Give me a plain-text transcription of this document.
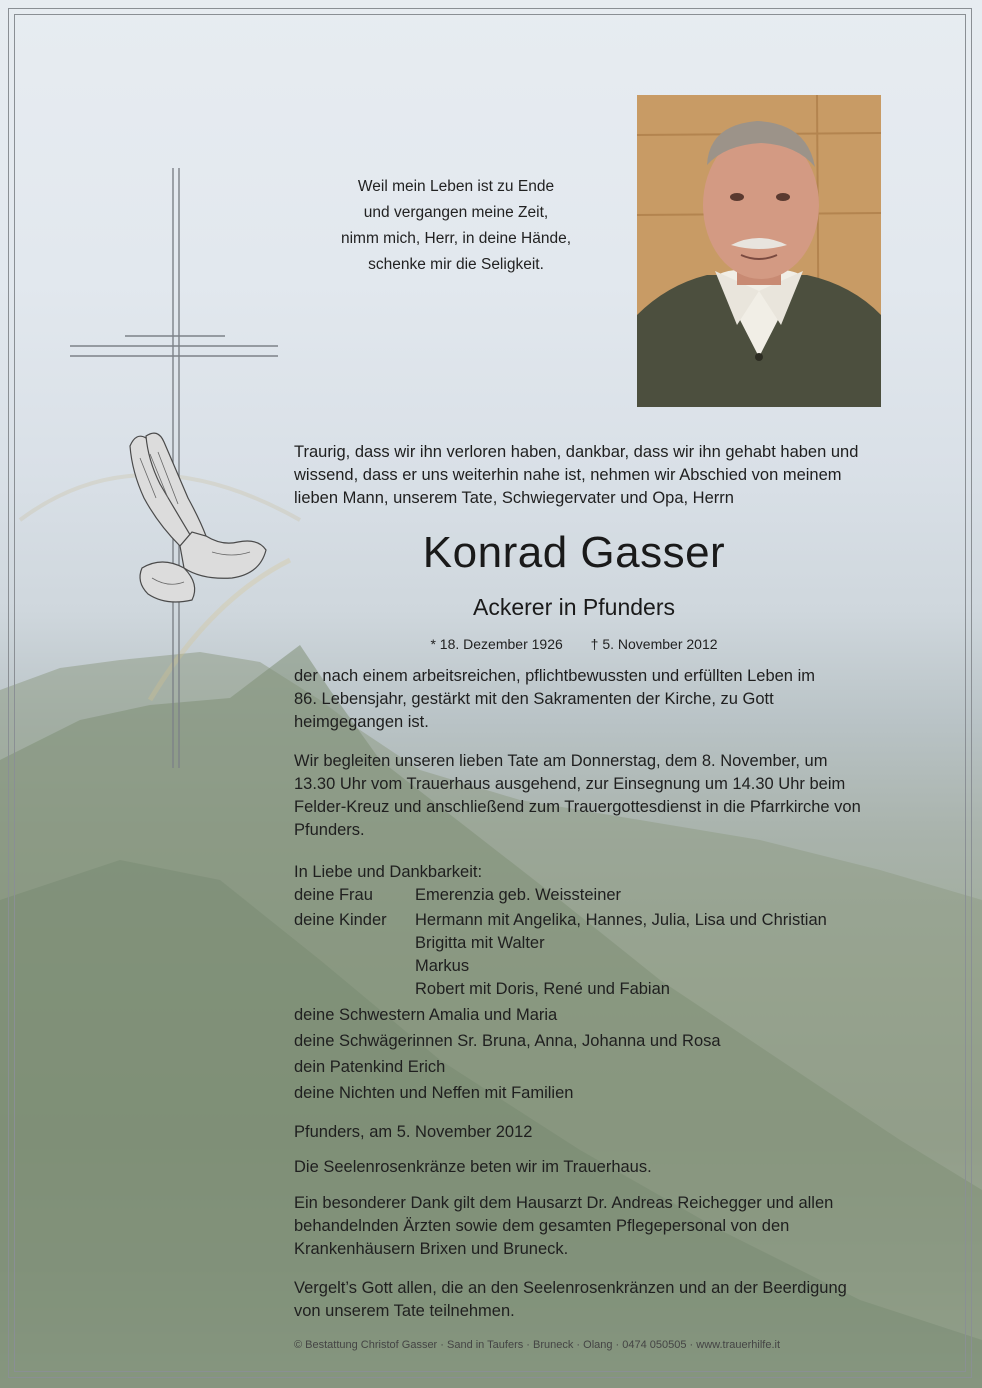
Weil mein Leben ist zu Ende
und vergangen meine Zeit,
nimm mich, Herr, in deine Hände,
schenke mir die Seligkeit.
Traurig, dass wir ihn verloren haben, dankbar, dass wir ihn gehabt haben und
wissend, dass er uns weiterhin nahe ist, nehmen wir Abschied von meinem
lieben Mann, unserem Tate, Schwiegervater und Opa, Herrn
Konrad Gasser
Ackerer in Pfunders
* 18. Dezember 1926 † 5. November 2012
der nach einem arbeitsreichen, pflichtbewussten und erfüllten Leben im
86. Lebensjahr, gestärkt mit den Sakramenten der Kirche, zu Gott
heimgegangen ist.
Wir begleiten unseren lieben Tate am Donnerstag, dem 8. November, um
13.30 Uhr vom Trauerhaus ausgehend, zur Einsegnung um 14.30 Uhr beim
Felder-Kreuz und anschließend zum Trauergottesdienst in die Pfarrkirche von
Pfunders.
In Liebe und Dankbarkeit:
deine Frau	Emerenzia geb. Weissteiner
deine Kinder Hermann mit Angelika, Hannes, Julia, Lisa und Christian
Brigitta mit Walter
Markus
Robert mit Doris, René und Fabian
deine Schwestern Amalia und Maria
deine Schwägerinnen Sr. Bruna, Anna, Johanna und Rosa
dein Patenkind Erich
deine Nichten und Neffen mit Familien
Pfunders, am 5. November 2012
Die Seelenrosenkränze beten wir im Trauerhaus.
Ein besonderer Dank gilt dem Hausarzt Dr. Andreas Reichegger und allen
behandelnden Ärzten sowie dem gesamten Pflegepersonal von den
Krankenhäusern Brixen und Bruneck.
Vergelt’s Gott allen, die an den Seelenrosenkränzen und an der Beerdigung
von unserem Tate teilnehmen.
© Bestattung Christof Gasser · Sand in Taufers · Bruneck · Olang · 0474 050505 · www.trauerhilfe.it
